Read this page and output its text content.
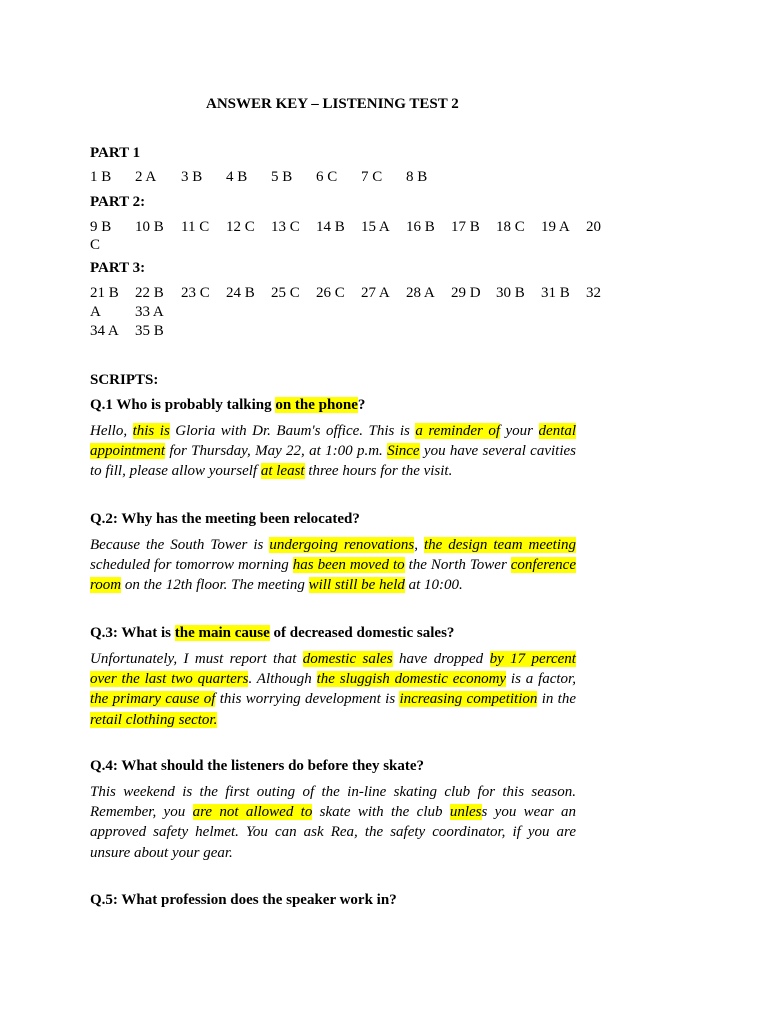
ANSWER KEY – LISTENING TEST 2
PART 1
1 B 2 A 3 B 4 B 5 B 6 C 7 C 8 B
PART 2:
9 B 10 B 11 C 12 C 13 C 14 B 15 A 16 B 17 B 18 C 19 A 20
C
PART 3:
21 B 22 B 23 C 24 B 25 C 26 C 27 A 28 A 29 D 30 B 31 B 32
A 33 A
34 A 35 B
SCRIPTS:
Q.1 Who is probably talking on the phone?

Hello, this is Gloria with Dr. Baum's office. This is a reminder of your dental appointment for Thursday, May 22, at 1:00 p.m. Since you have several cavities to fill, please allow yourself at least three hours for the visit.

Q.2: Why has the meeting been relocated?

Because the South Tower is undergoing renovations, the design team meeting scheduled for tomorrow morning has been moved to the North Tower conference room on the 12th floor. The meeting will still be held at 10:00.

Q.3: What is the main cause of decreased domestic sales?

Unfortunately, I must report that domestic sales have dropped by 17 percent over the last two quarters. Although the sluggish domestic economy is a factor, the primary cause of this worrying development is increasing competition in the retail clothing sector.

Q.4: What should the listeners do before they skate?

This weekend is the first outing of the in-line skating club for this season. Remember, you are not allowed to skate with the club unless you wear an approved safety helmet. You can ask Rea, the safety coordinator, if you are unsure about your gear.

Q.5: What profession does the speaker work in?
